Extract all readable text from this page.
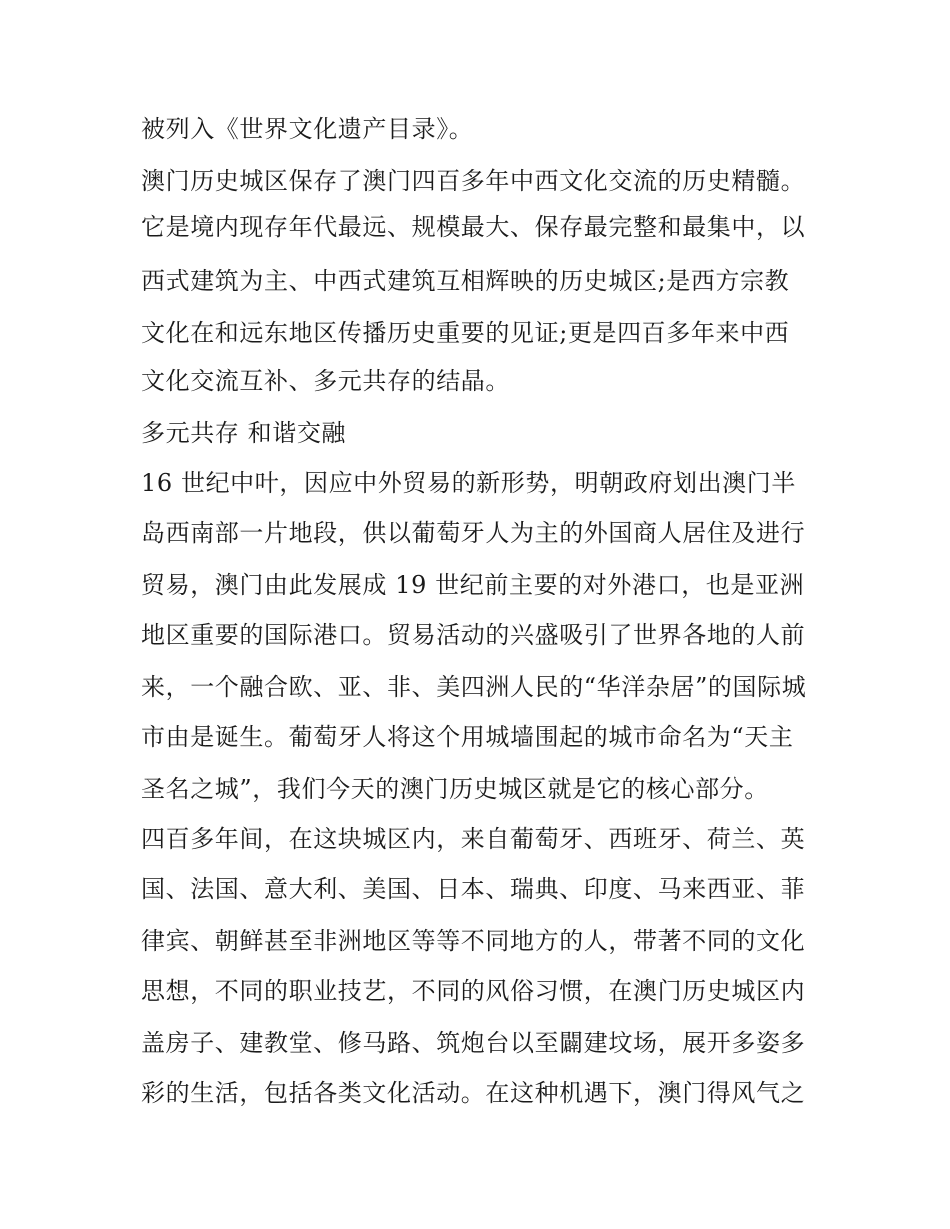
被列入《世界文化遗产目录》。
澳门历史城区保存了澳门四百多年中西文化交流的历史精髓。
它是境内现存年代最远、规模最大、保存最完整和最集中，以
西式建筑为主、中西式建筑互相辉映的历史城区;是西方宗教
文化在和远东地区传播历史重要的见证;更是四百多年来中西
文化交流互补、多元共存的结晶。
多元共存 和谐交融
16 世纪中叶，因应中外贸易的新形势，明朝政府划出澳门半
岛西南部一片地段，供以葡萄牙人为主的外国商人居住及进行
贸易，澳门由此发展成 19 世纪前主要的对外港口，也是亚洲
地区重要的国际港口。贸易活动的兴盛吸引了世界各地的人前
来，一个融合欧、亚、非、美四洲人民的“华洋杂居”的国际城
市由是诞生。葡萄牙人将这个用城墙围起的城市命名为“天主
圣名之城”，我们今天的澳门历史城区就是它的核心部分。
四百多年间，在这块城区内，来自葡萄牙、西班牙、荷兰、英
国、法国、意大利、美国、日本、瑞典、印度、马来西亚、菲
律宾、朝鲜甚至非洲地区等等不同地方的人，带著不同的文化
思想，不同的职业技艺，不同的风俗习惯，在澳门历史城区内
盖房子、建教堂、修马路、筑炮台以至闢建坟场，展开多姿多
彩的生活，包括各类文化活动。在这种机遇下，澳门得风气之
